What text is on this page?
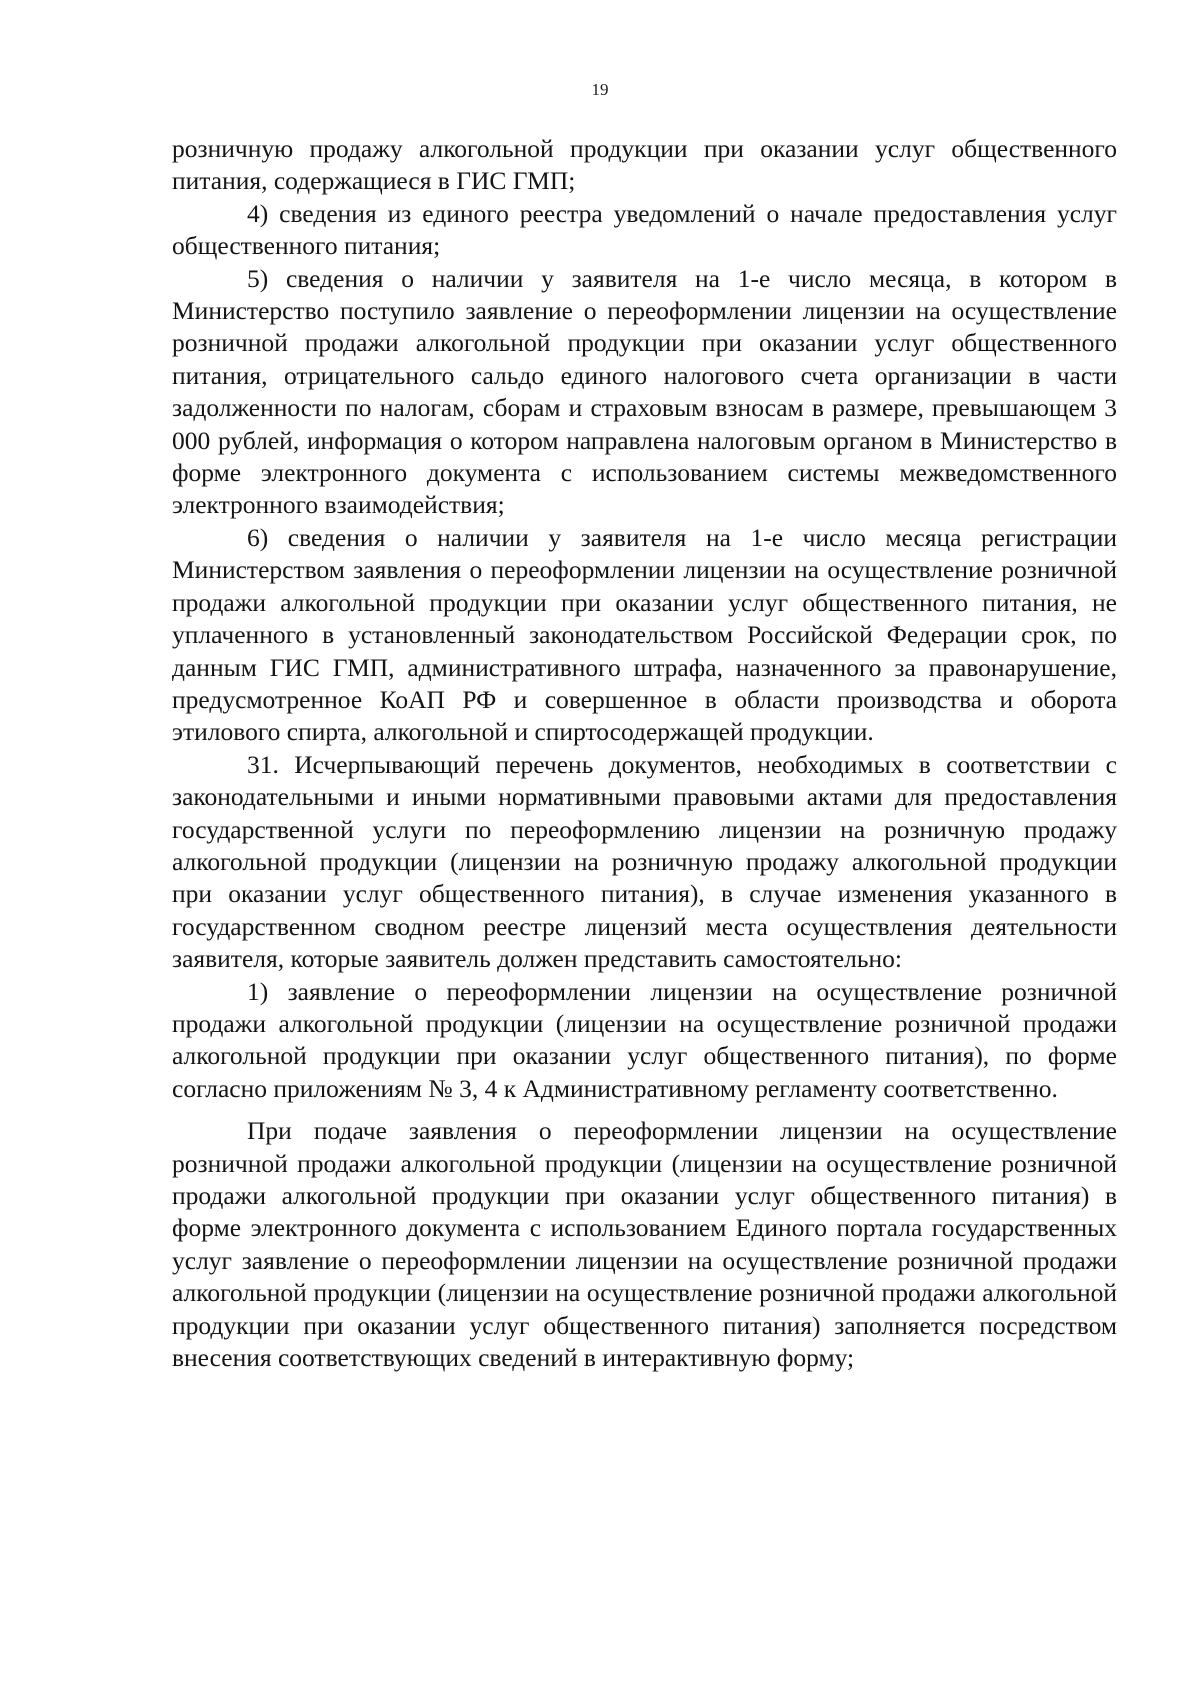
19

розничную продажу алкогольной продукции при оказании услуг общественного питания, содержащиеся в ГИС ГМП;

4) сведения из единого реестра уведомлений о начале предоставления услуг общественного питания;

5) сведения о наличии у заявителя на 1-е число месяца, в котором в Министерство поступило заявление о переоформлении лицензии на осуществление розничной продажи алкогольной продукции при оказании услуг общественного питания, отрицательного сальдо единого налогового счета организации в части задолженности по налогам, сборам и страховым взносам в размере, превышающем 3 000 рублей, информация о котором направлена налоговым органом в Министерство в форме электронного документа с использованием системы межведомственного электронного взаимодействия;

6) сведения о наличии у заявителя на 1-е число месяца регистрации Министерством заявления о переоформлении лицензии на осуществление розничной продажи алкогольной продукции при оказании услуг общественного питания, не уплаченного в установленный законодательством Российской Федерации срок, по данным ГИС ГМП, административного штрафа, назначенного за правонарушение, предусмотренное КоАП РФ и совершенное в области производства и оборота этилового спирта, алкогольной и спиртосодержащей продукции.

31. Исчерпывающий перечень документов, необходимых в соответствии с законодательными и иными нормативными правовыми актами для предоставления государственной услуги по переоформлению лицензии на розничную продажу алкогольной продукции (лицензии на розничную продажу алкогольной продукции при оказании услуг общественного питания), в случае изменения указанного в государственном сводном реестре лицензий места осуществления деятельности заявителя, которые заявитель должен представить самостоятельно:

1) заявление о переоформлении лицензии на осуществление розничной продажи алкогольной продукции (лицензии на осуществление розничной продажи алкогольной продукции при оказании услуг общественного питания), по форме согласно приложениям № 3, 4 к Административному регламенту соответственно.

При подаче заявления о переоформлении лицензии на осуществление розничной продажи алкогольной продукции (лицензии на осуществление розничной продажи алкогольной продукции при оказании услуг общественного питания) в форме электронного документа с использованием Единого портала государственных услуг заявление о переоформлении лицензии на осуществление розничной продажи алкогольной продукции (лицензии на осуществление розничной продажи алкогольной продукции при оказании услуг общественного питания) заполняется посредством внесения соответствующих сведений в интерактивную форму;
